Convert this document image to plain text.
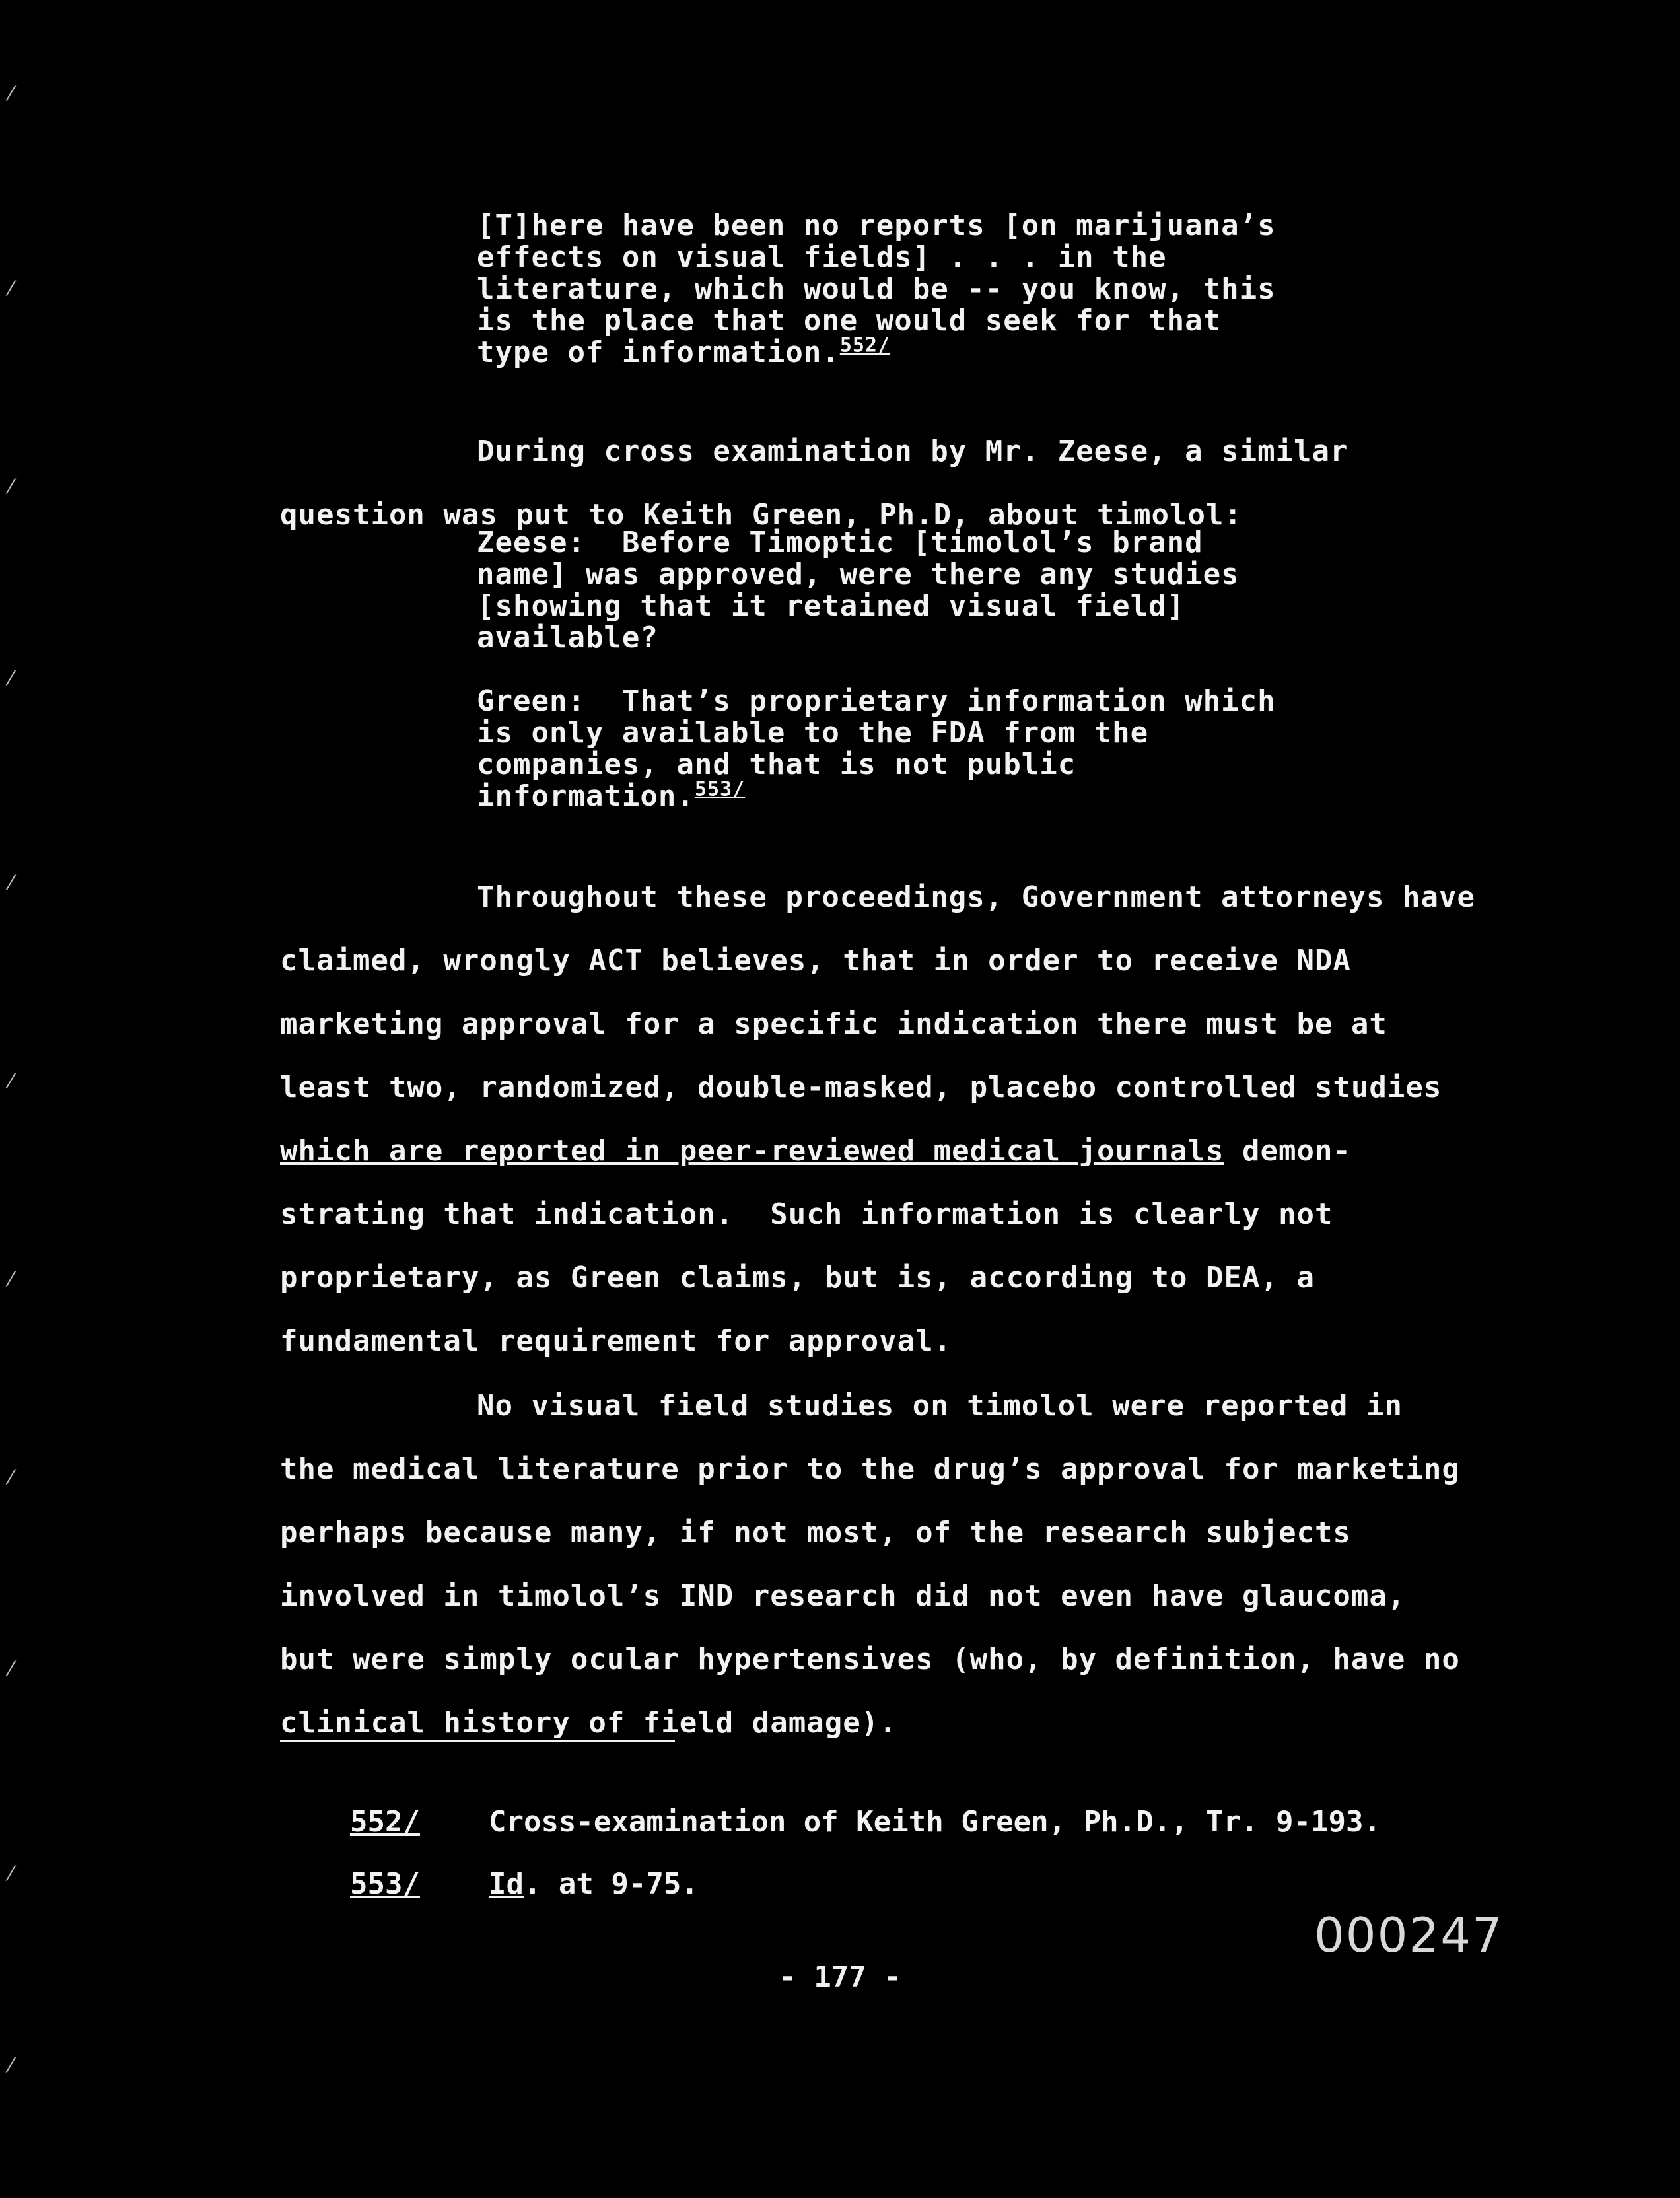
[T]here have been no reports [on marijuana’s
effects on visual fields] . . . in the
literature, which would be -- you know, this
is the place that one would seek for that
type of information.$^{552/}$

During cross examination by Mr. Zeese, a similar
question was put to Keith Green, Ph.D, about timolol:

Zeese:  Before Timoptic [timolol’s brand
name] was approved, were there any studies
[showing that it retained visual field]
available?

Green:  That’s proprietary information which
is only available to the FDA from the
companies, and that is not public
information.$^{553/}$

Throughout these proceedings, Government attorneys have
claimed, wrongly ACT believes, that in order to receive NDA
marketing approval for a specific indication there must be at
least two, randomized, double-masked, placebo controlled studies
which are reported in peer-reviewed medical journals demon-
strating that indication.  Such information is clearly not
proprietary, as Green claims, but is, according to DEA, a
fundamental requirement for approval.

No visual field studies on timolol were reported in
the medical literature prior to the drug’s approval for marketing
perhaps because many, if not most, of the research subjects
involved in timolol’s IND research did not even have glaucoma,
but were simply ocular hypertensives (who, by definition, have no
clinical history of field damage).

552/ Cross-examination of Keith Green, Ph.D., Tr. 9-193.

553/ Id. at 9-75.

000247
- 177 -
⁄
⁄
⁄
⁄
⁄
⁄
⁄
⁄
⁄
⁄
⁄
